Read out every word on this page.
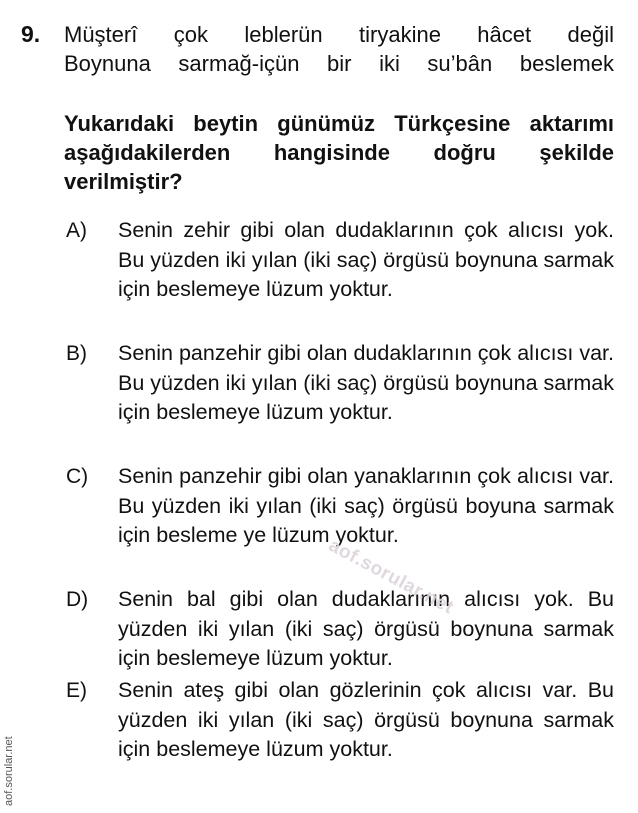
9. Müşterî çok leblerün tiryakine hâcet değil
Boynuna sarmağ-içün bir iki su’bân beslemek
Yukarıdaki beytin günümüz Türkçesine aktarımı aşağıdakilerden hangisinde doğru şekilde verilmiştir?
A) Senin zehir gibi olan dudaklarının çok alıcısı yok. Bu yüzden iki yılan (iki saç) örgüsü boynuna sarmak için beslemeye lüzum yoktur.
B) Senin panzehir gibi olan dudaklarının çok alıcısı var. Bu yüzden iki yılan (iki saç) örgüsü boynuna sarmak için beslemeye lüzum yoktur.
C) Senin panzehir gibi olan yanaklarının çok alıcısı var. Bu yüzden iki yılan (iki saç) örgüsü boyuna sarmak için besleme ye lüzum yoktur.
D) Senin bal gibi olan dudaklarının alıcısı yok. Bu yüzden iki yılan (iki saç) örgüsü boynuna sarmak için beslemeye lüzum yoktur.
E) Senin ateş gibi olan gözlerinin çok alıcısı var. Bu yüzden iki yılan (iki saç) örgüsü boynuna sarmak için beslemeye lüzum yoktur.
aof.sorular.net
aof.sorular.net
